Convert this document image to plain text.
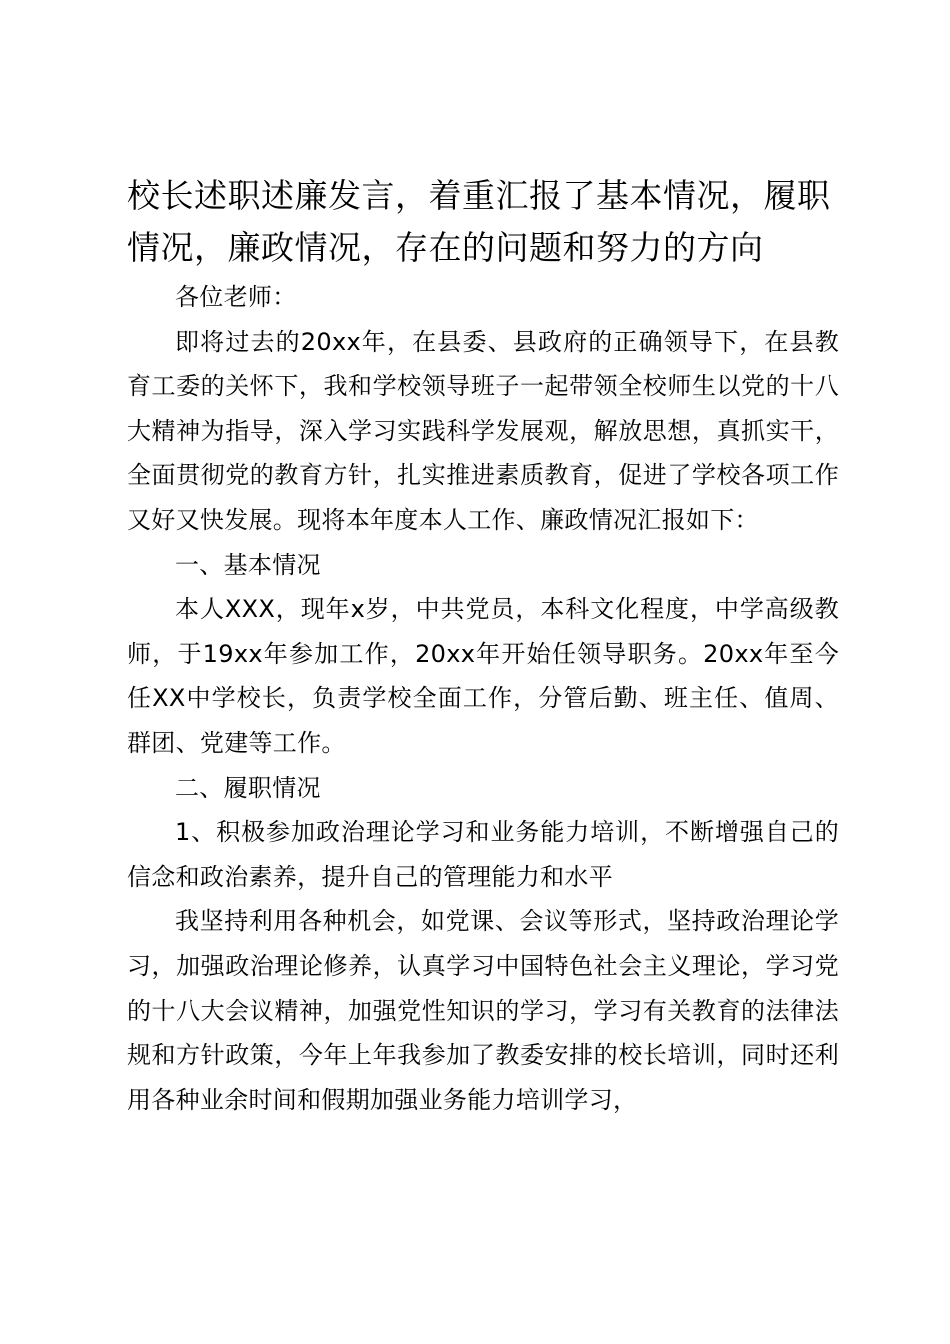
校长述职述廉发言，着重汇报了基本情况，履职情况，廉政情况，存在的问题和努力的方向

各位老师：

即将过去的20xx年，在县委、县政府的正确领导下，在县教育工委的关怀下，我和学校领导班子一起带领全校师生以党的十八大精神为指导，深入学习实践科学发展观，解放思想，真抓实干，全面贯彻党的教育方针，扎实推进素质教育，促进了学校各项工作又好又快发展。现将本年度本人工作、廉政情况汇报如下：

一、基本情况

本人XXX，现年x岁，中共党员，本科文化程度，中学高级教师，于19xx年参加工作，20xx年开始任领导职务。20xx年至今任XX中学校长，负责学校全面工作，分管后勤、班主任、值周、群团、党建等工作。

二、履职情况

1、积极参加政治理论学习和业务能力培训，不断增强自己的信念和政治素养，提升自己的管理能力和水平

我坚持利用各种机会，如党课、会议等形式，坚持政治理论学习，加强政治理论修养，认真学习中国特色社会主义理论，学习党的十八大会议精神，加强党性知识的学习，学习有关教育的法律法规和方针政策，今年上年我参加了教委安排的校长培训，同时还利用各种业余时间和假期加强业务能力培训学习，
